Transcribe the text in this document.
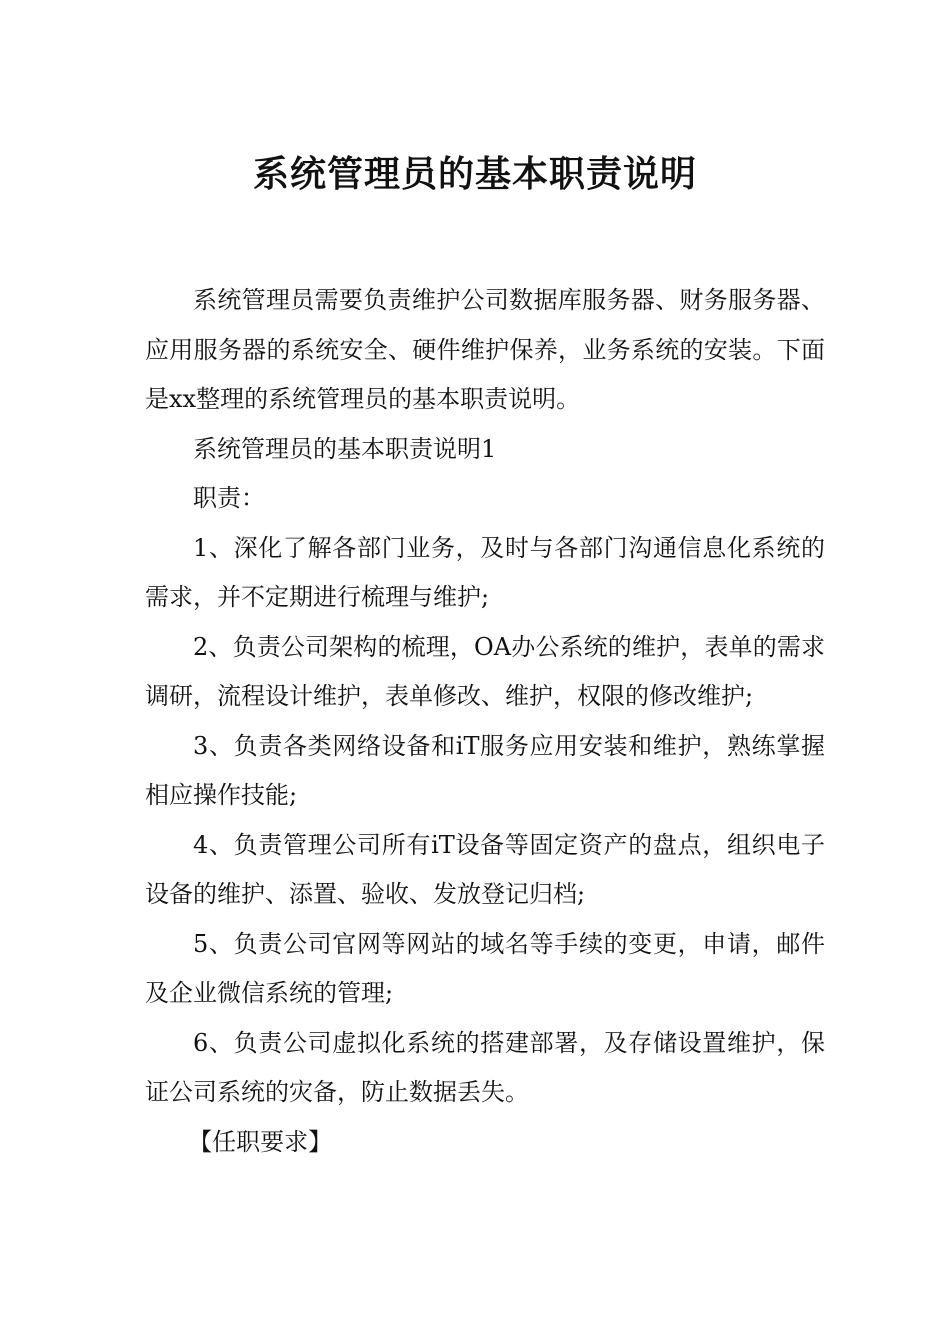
系统管理员的基本职责说明

系统管理员需要负责维护公司数据库服务器、财务服务器、应用服务器的系统安全、硬件维护保养，业务系统的安装。下面是xx整理的系统管理员的基本职责说明。

系统管理员的基本职责说明1

职责：

1、深化了解各部门业务，及时与各部门沟通信息化系统的需求，并不定期进行梳理与维护;

2、负责公司架构的梳理，OA办公系统的维护，表单的需求调研，流程设计维护，表单修改、维护，权限的修改维护;

3、负责各类网络设备和iT服务应用安装和维护，熟练掌握相应操作技能;

4、负责管理公司所有iT设备等固定资产的盘点，组织电子设备的维护、添置、验收、发放登记归档;

5、负责公司官网等网站的域名等手续的变更，申请，邮件及企业微信系统的管理;

6、负责公司虚拟化系统的搭建部署，及存储设置维护，保证公司系统的灾备，防止数据丢失。

【任职要求】
